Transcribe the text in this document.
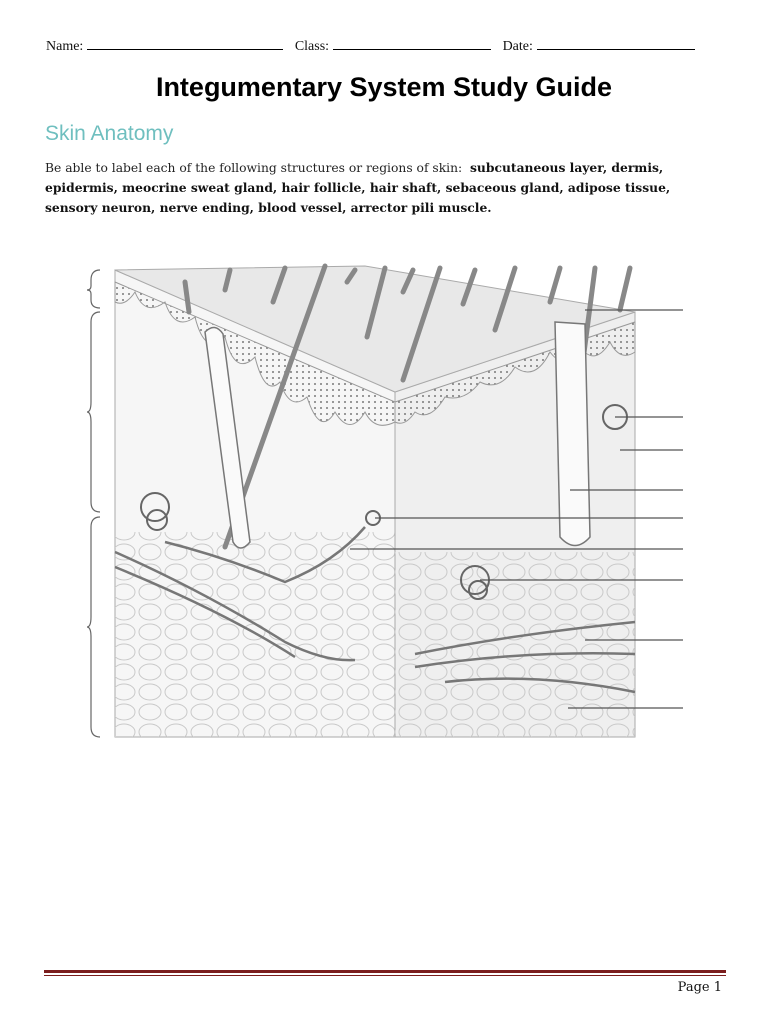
Name:	Class:	Date:
Integumentary System Study Guide
Skin Anatomy
Be able to label each of the following structures or regions of skin: subcutaneous layer, dermis, epidermis, meocrine sweat gland, hair follicle, hair shaft, sebaceous gland, adipose tissue, sensory neuron, nerve ending, blood vessel, arrector pili muscle.
Page 1
